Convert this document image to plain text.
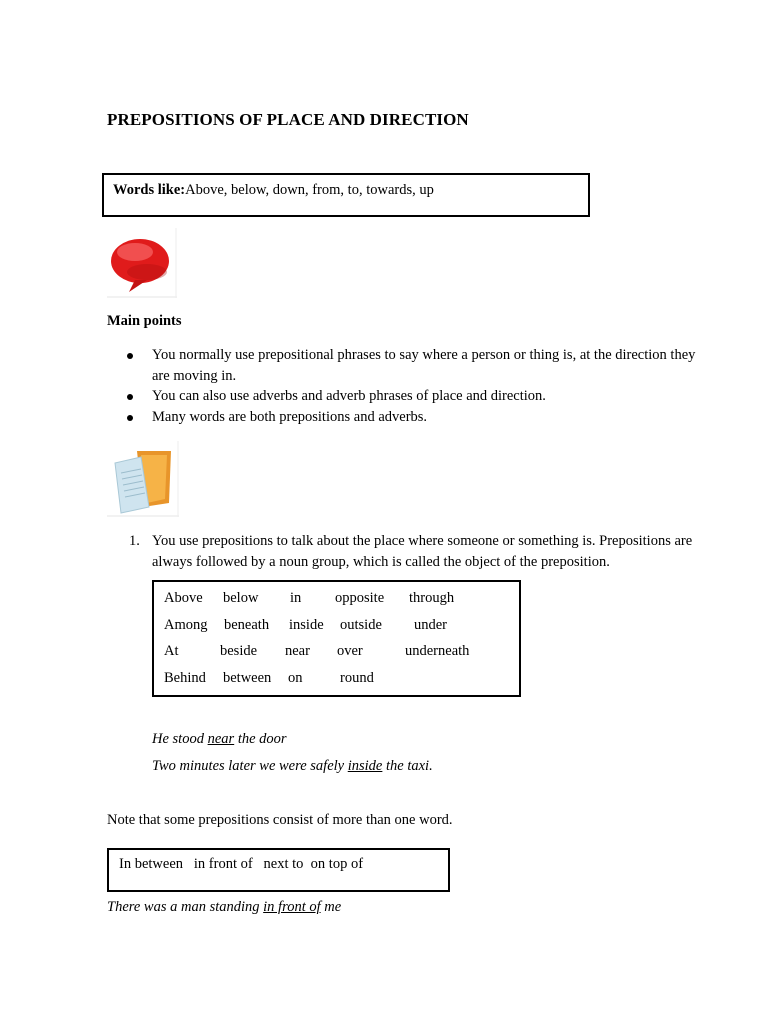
PREPOSITIONS OF PLACE AND DIRECTION
Words like:Above, below, down, from, to, towards, up
Main points
You normally use prepositional phrases to say where a person or thing is, at the direction they are moving in.
You can also use adverbs and adverb phrases of place and direction.
Many words are both prepositions and adverbs.
1. You use prepositions to talk about the place where someone or something is. Prepositions are always followed by a noun group, which is called the object of the preposition.
Above below in opposite through
Among beneath inside outside under
At	beside near over	underneath
Behind between on	round
He stood near the door
Two minutes later we were safely inside the taxi.
Note that some prepositions consist of more than one word.
In between   in front of   next to  on top of
There was a man standing in front of me
